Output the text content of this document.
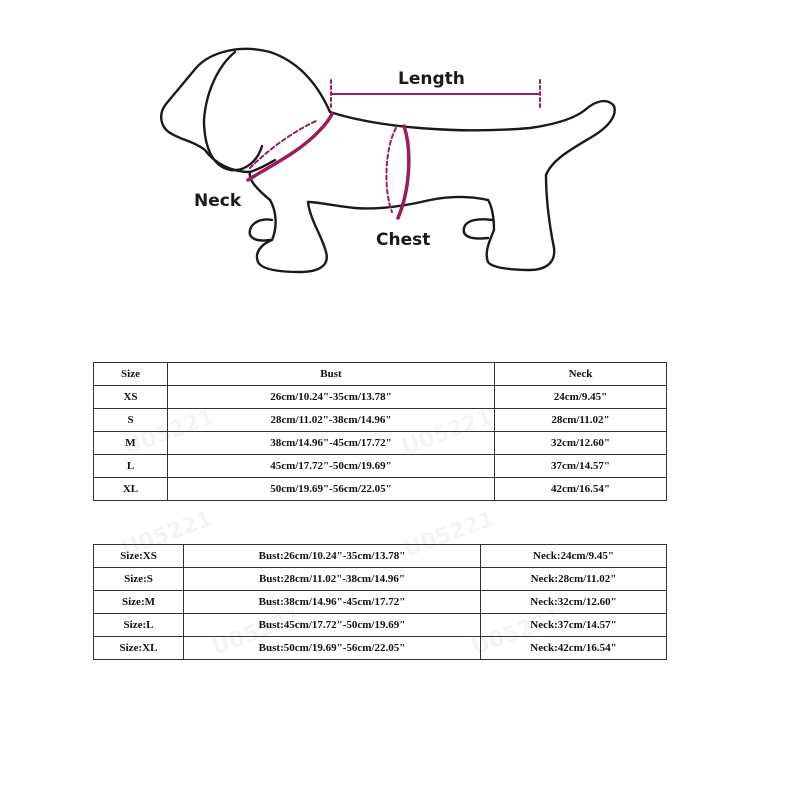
Length
Neck
Chest
Size	Bust	Neck
XS	26cm/10.24"-35cm/13.78"	24cm/9.45"
S	28cm/11.02"-38cm/14.96"	28cm/11.02"
M	38cm/14.96"-45cm/17.72"	32cm/12.60"
L	45cm/17.72"-50cm/19.69"	37cm/14.57"
XL	50cm/19.69"-56cm/22.05"	42cm/16.54"
Size:XS	Bust:26cm/10.24"-35cm/13.78"	Neck:24cm/9.45"
Size:S	Bust:28cm/11.02"-38cm/14.96"	Neck:28cm/11.02"
Size:M	Bust:38cm/14.96"-45cm/17.72"	Neck:32cm/12.60"
Size:L	Bust:45cm/17.72"-50cm/19.69"	Neck:37cm/14.57"
Size:XL	Bust:50cm/19.69"-56cm/22.05"	Neck:42cm/16.54"
